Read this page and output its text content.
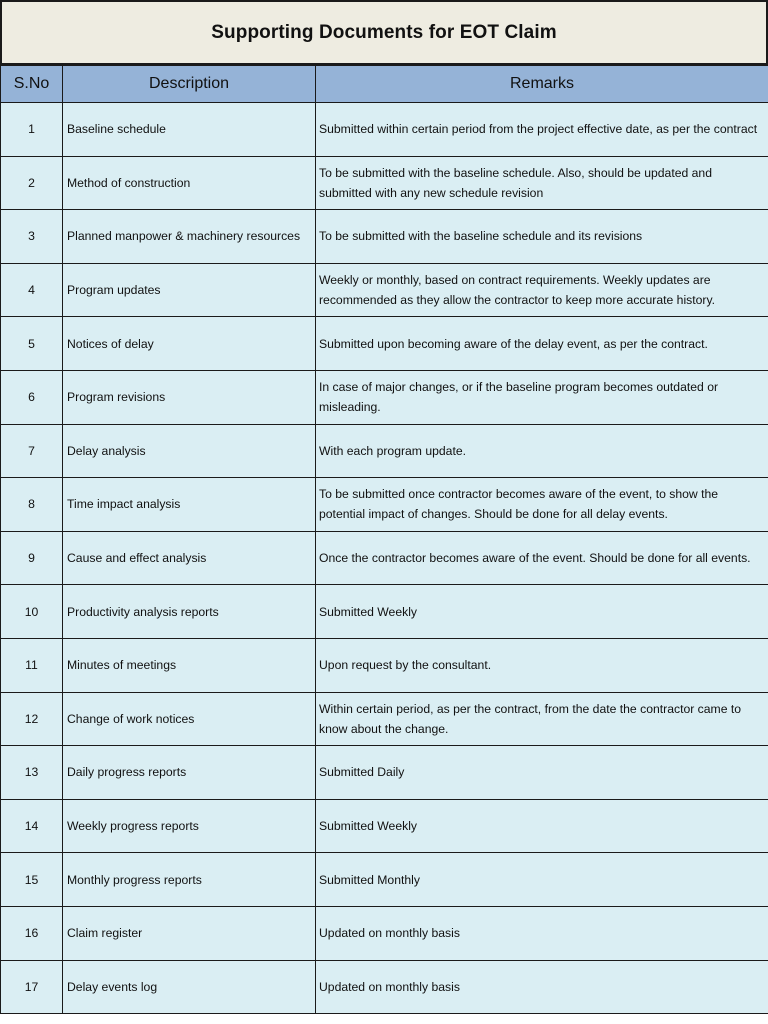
Supporting Documents for EOT Claim
S.No	Description	Remarks
1	Baseline schedule	Submitted within certain period from the project effective date, as per the contract
2	Method of construction	To be submitted with the baseline schedule. Also, should be updated and submitted with any new schedule revision
3	Planned manpower & machinery resources	To be submitted with the baseline schedule and its revisions
4	Program updates	Weekly or monthly, based on contract requirements. Weekly updates are recommended as they allow the contractor to keep more accurate history.
5	Notices of delay	Submitted upon becoming aware of the delay event, as per the contract.
6	Program revisions	In case of major changes, or if the baseline program becomes outdated or misleading.
7	Delay analysis	With each program update.
8	Time impact analysis	To be submitted once contractor becomes aware of the event, to show the potential impact of changes. Should be done for all delay events.
9	Cause and effect analysis	Once the contractor becomes aware of the event. Should be done for all events.
10	Productivity analysis reports	Submitted Weekly
11	Minutes of meetings	Upon request by the consultant.
12	Change of work notices	Within certain period, as per the contract, from the date the contractor came to know about the change.
13	Daily progress reports	Submitted Daily
14	Weekly progress reports	Submitted Weekly
15	Monthly progress reports	Submitted Monthly
16	Claim register	Updated on monthly basis
17	Delay events log	Updated on monthly basis
